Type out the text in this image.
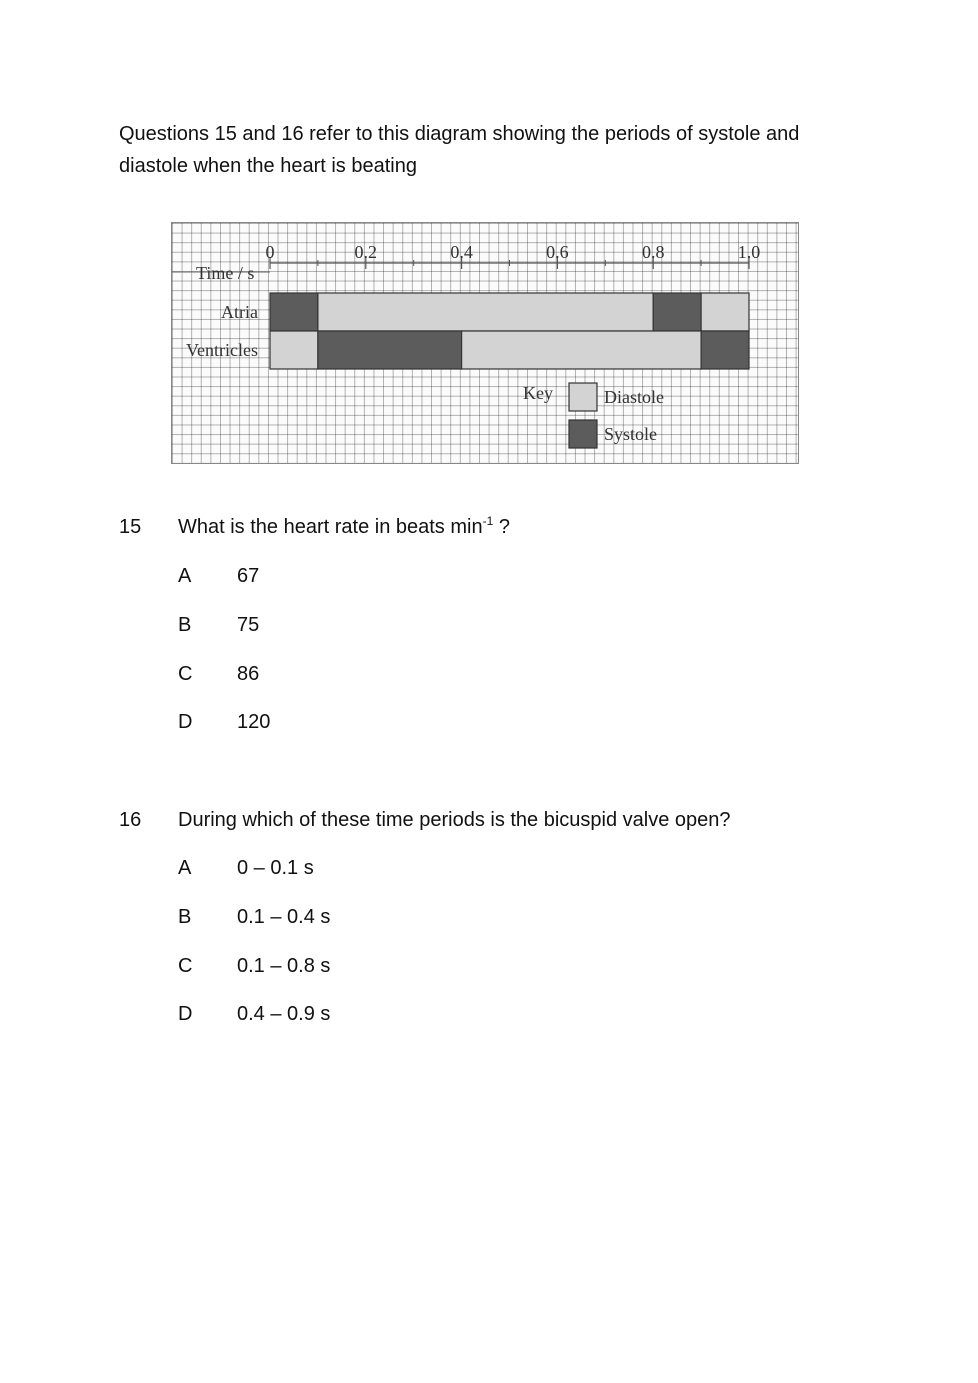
Questions 15 and 16 refer to this diagram showing the periods of systole and diastole when the heart is beating
0	0.2	0.4	0.6	0.8	1.0
Time / s
Atria
Ventricles
Key	Diastole
Systole
15 What is the heart rate in beats $\min^{-1}$ ?
A 67
B 75
C 86
D 120
16 During which of these time periods is the bicuspid valve open?
A 0 – 0.1 s
B 0.1 – 0.4 s
C 0.1 – 0.8 s
D 0.4 – 0.9 s
